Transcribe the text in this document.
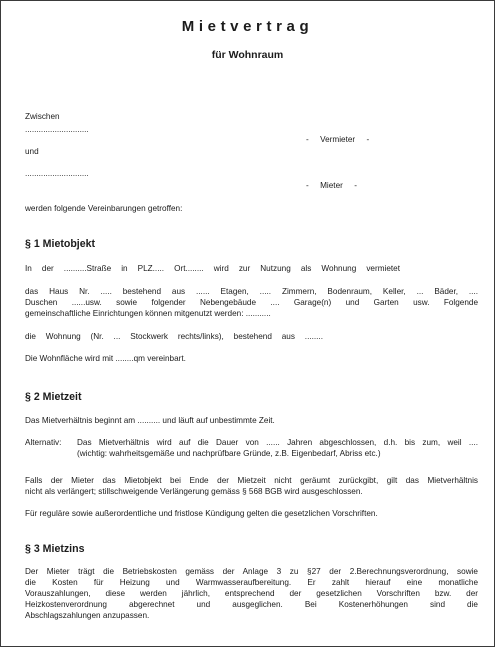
Mietvertrag
für Wohnraum
Zwischen
............................
-     Vermieter     -
und
............................
-     Mieter     -
werden folgende Vereinbarungen getroffen:
§ 1 Mietobjekt
In der ..........Straße in PLZ..... Ort........ wird zur Nutzung als Wohnung vermietet
das Haus Nr. ..... bestehend aus ...... Etagen, ..... Zimmern, Bodenraum, Keller, ... Bäder, ....
Duschen ......usw. sowie folgender Nebengebäude .... Garage(n) und Garten usw. Folgende
gemeinschaftliche Einrichtungen können mitgenutzt werden: ...........
die Wohnung (Nr. ... Stockwerk rechts/links), bestehend aus ........
Die Wohnfläche wird mit ........qm vereinbart.
§ 2 Mietzeit
Das Mietverhältnis beginnt am .......... und läuft auf unbestimmte Zeit.
Alternativ: Das Mietverhältnis wird auf die Dauer von ...... Jahren abgeschlossen, d.h. bis zum, weil ....
(wichtig: wahrheitsgemäße und nachprüfbare Gründe, z.B. Eigenbedarf, Abriss etc.)
Falls der Mieter das Mietobjekt bei Ende der Mietzeit nicht geräumt zurückgibt, gilt das Mietverhältnis
nicht als verlängert; stillschweigende Verlängerung gemäss § 568 BGB wird ausgeschlossen.
Für reguläre sowie außerordentliche und fristlose Kündigung gelten die gesetzlichen Vorschriften.
§ 3 Mietzins
Der Mieter trägt die Betriebskosten gemäss der Anlage 3 zu §27 der 2.Berechnungsverordnung, sowie
die Kosten für Heizung und Warmwasseraufbereitung. Er zahlt hierauf eine monatliche
Vorauszahlungen, diese werden jährlich, entsprechend der gesetzlichen Vorschriften bzw. der
Heizkostenverordnung abgerechnet und ausgeglichen. Bei Kostenerhöhungen sind die
Abschlagszahlungen anzupassen.
